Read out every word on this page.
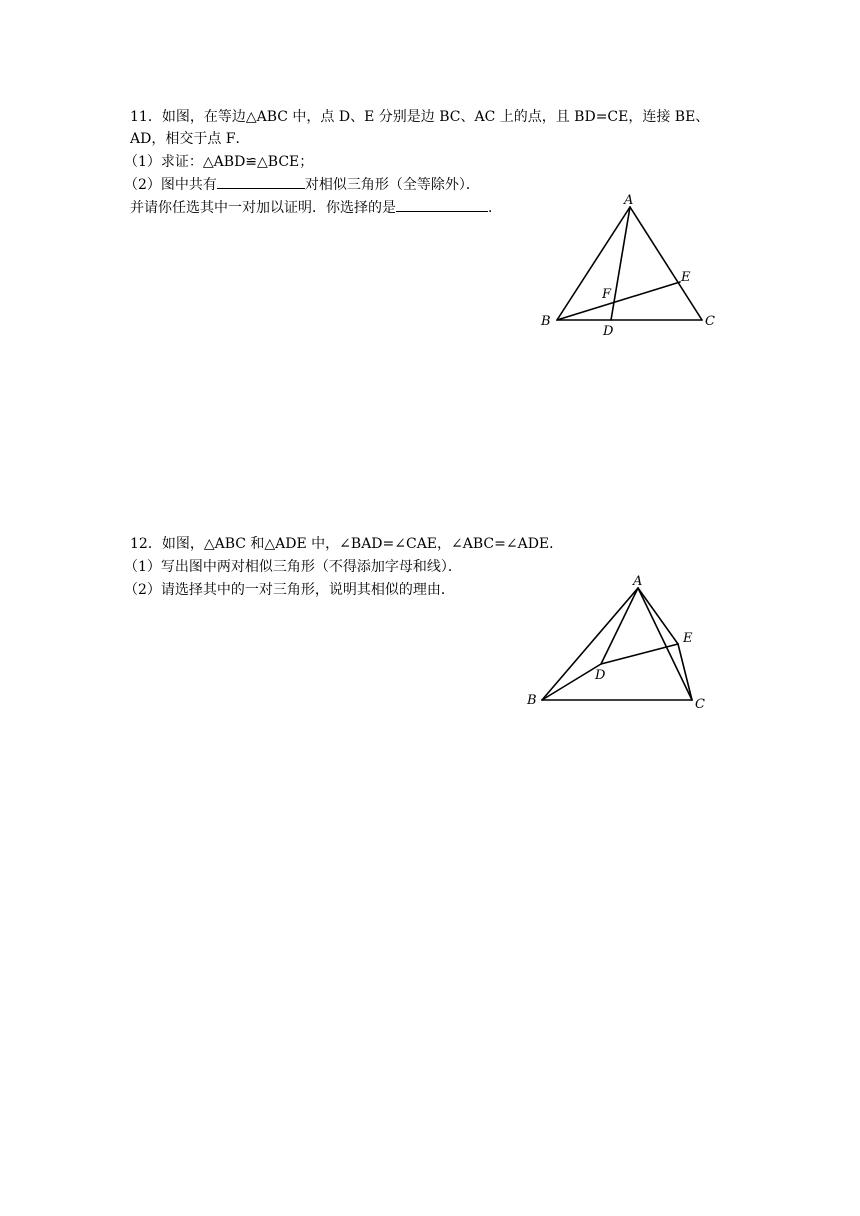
11．如图，在等边△ABC 中，点 D、E 分别是边 BC、AC 上的点，且 BD=CE，连接 BE、
AD，相交于点 F．
（1）求证：△ABD≌△BCE；
（2）图中共有	对相似三角形（全等除外）．
并请你任选其中一对加以证明．你选择的是	．	A
B	C
D
E
F
12．如图，△ABC 和△ADE 中，∠BAD=∠CAE，∠ABC=∠ADE．
（1）写出图中两对相似三角形（不得添加字母和线）．
（2）请选择其中的一对三角形，说明其相似的理由．
A
B	C
D
E
